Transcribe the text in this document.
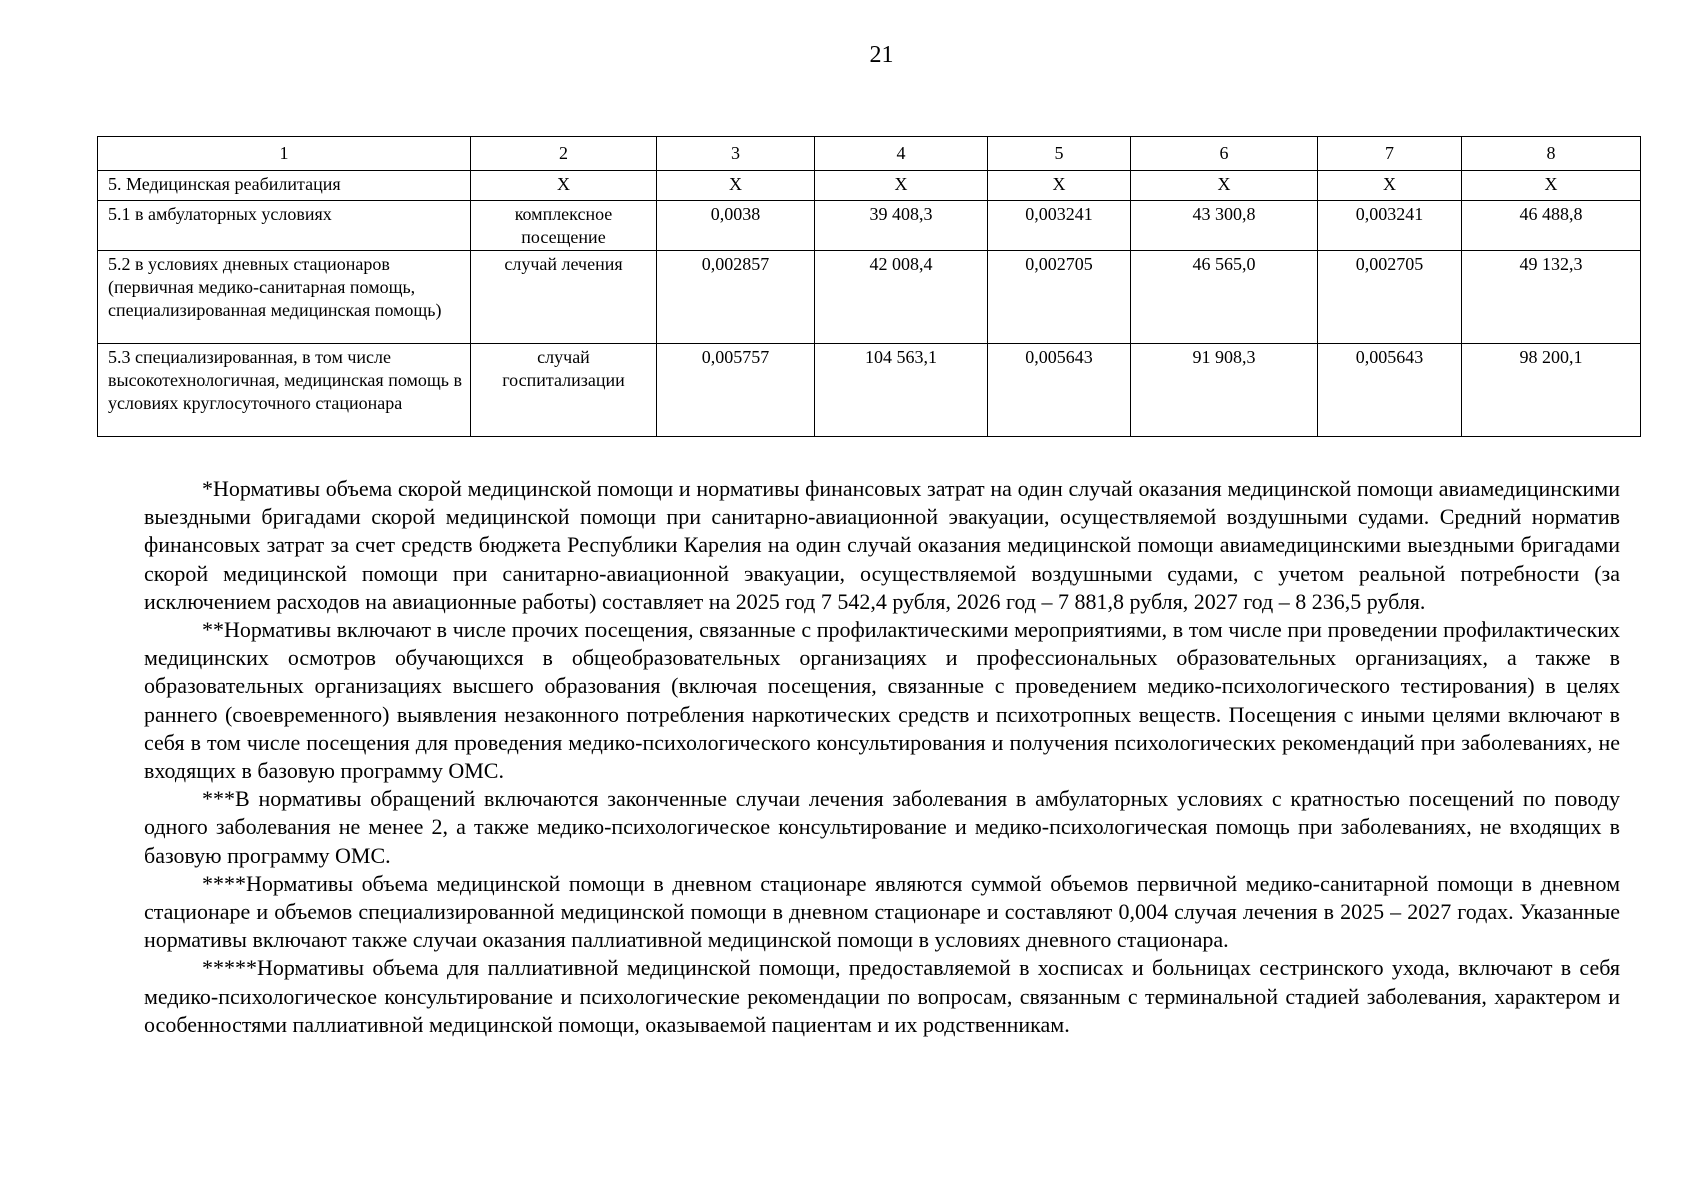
21
1	2	3	4	5	6	7	8
5. Медицинская реабилитация	Х	Х	Х	Х	Х	Х	Х
5.1 в амбулаторных условиях	комплексное посещение	0,0038	39 408,3	0,003241	43 300,8	0,003241	46 488,8
5.2 в условиях дневных стационаров (первичная медико-санитарная помощь, специализированная медицинская помощь)	случай лечения	0,002857	42 008,4	0,002705	46 565,0	0,002705	49 132,3
5.3 специализированная, в том числе высокотехнологичная, медицинская помощь в условиях круглосуточного стационара	случай госпитализации	0,005757	104 563,1	0,005643	91 908,3	0,005643	98 200,1

*Нормативы объема скорой медицинской помощи и нормативы финансовых затрат на один случай оказания медицинской помощи авиамедицинскими выездными бригадами скорой медицинской помощи при санитарно-авиационной эвакуации, осуществляемой воздушными судами. Средний норматив финансовых затрат за счет средств бюджета Республики Карелия на один случай оказания медицинской помощи авиамедицинскими выездными бригадами скорой медицинской помощи при санитарно-авиационной эвакуации, осуществляемой воздушными судами, с учетом реальной потребности (за исключением расходов на авиационные работы) составляет на 2025 год 7 542,4 рубля, 2026 год – 7 881,8 рубля, 2027 год – 8 236,5 рубля.

**Нормативы включают в числе прочих посещения, связанные с профилактическими мероприятиями, в том числе при проведении профилактических медицинских осмотров обучающихся в общеобразовательных организациях и профессиональных образовательных организациях, а также в образовательных организациях высшего образования (включая посещения, связанные с проведением медико-психологического тестирования) в целях раннего (своевременного) выявления незаконного потребления наркотических средств и психотропных веществ. Посещения с иными целями включают в себя в том числе посещения для проведения медико-психологического консультирования и получения психологических рекомендаций при заболеваниях, не входящих в базовую программу ОМС.

***В нормативы обращений включаются законченные случаи лечения заболевания в амбулаторных условиях с кратностью посещений по поводу одного заболевания не менее 2, а также медико-психологическое консультирование и медико-психологическая помощь при заболеваниях, не входящих в базовую программу ОМС.

****Нормативы объема медицинской помощи в дневном стационаре являются суммой объемов первичной медико-санитарной помощи в дневном стационаре и объемов специализированной медицинской помощи в дневном стационаре и составляют 0,004 случая лечения в 2025 – 2027 годах. Указанные нормативы включают также случаи оказания паллиативной медицинской помощи в условиях дневного стационара.

*****Нормативы объема для паллиативной медицинской помощи, предоставляемой в хосписах и больницах сестринского ухода, включают в себя медико-психологическое консультирование и психологические рекомендации по вопросам, связанным с терминальной стадией заболевания, характером и особенностями паллиативной медицинской помощи, оказываемой пациентам и их родственникам.
